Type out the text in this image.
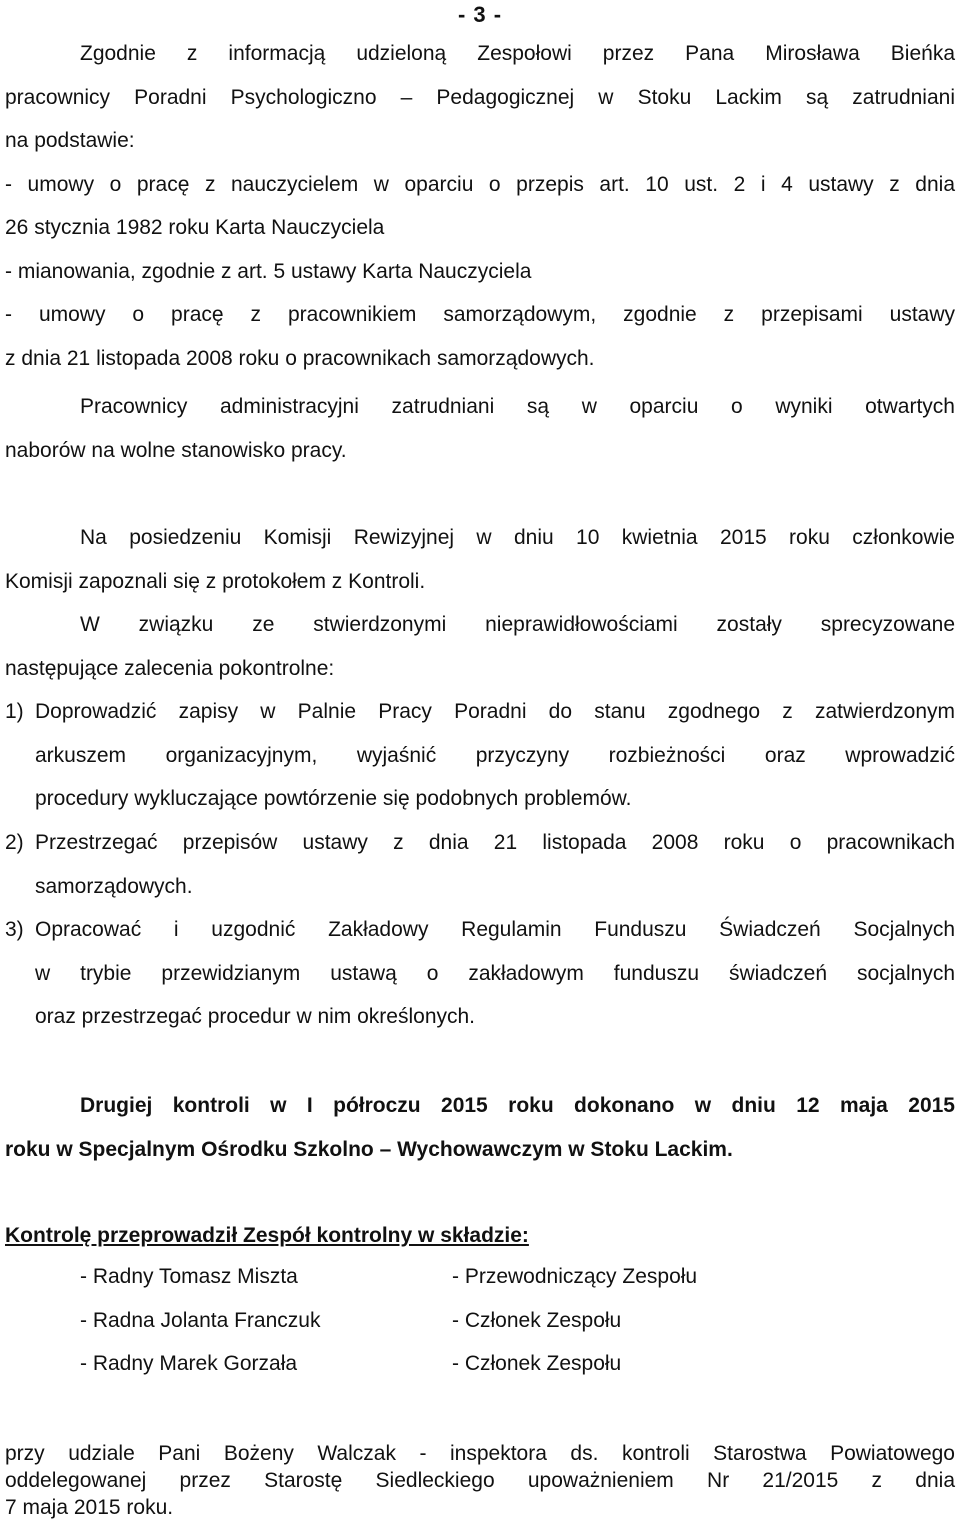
- 3 -
Zgodnie z informacją udzieloną Zespołowi przez Pana Mirosława Bieńka
pracownicy Poradni Psychologiczno – Pedagogicznej w Stoku Lackim są zatrudniani
na podstawie:
- umowy o pracę z nauczycielem w oparciu o przepis art. 10 ust. 2 i 4 ustawy z dnia
26 stycznia 1982 roku Karta Nauczyciela
- mianowania, zgodnie z art. 5 ustawy Karta Nauczyciela
- umowy o pracę z pracownikiem samorządowym, zgodnie z przepisami ustawy
z dnia 21 listopada 2008 roku o pracownikach samorządowych.
Pracownicy administracyjni zatrudniani są w oparciu o wyniki otwartych
naborów na wolne stanowisko pracy.
Na posiedzeniu Komisji Rewizyjnej w dniu 10 kwietnia 2015 roku członkowie
Komisji zapoznali się z protokołem z Kontroli.
W związku ze stwierdzonymi nieprawidłowościami zostały sprecyzowane
następujące zalecenia pokontrolne:
1) Doprowadzić zapisy w Palnie Pracy Poradni do stanu zgodnego z zatwierdzonym
arkuszem organizacyjnym, wyjaśnić przyczyny rozbieżności oraz wprowadzić
procedury wykluczające powtórzenie się podobnych problemów.
2) Przestrzegać przepisów ustawy z dnia 21 listopada 2008 roku o pracownikach
samorządowych.
3) Opracować i uzgodnić Zakładowy Regulamin Funduszu Świadczeń Socjalnych
w trybie przewidzianym ustawą o zakładowym funduszu świadczeń socjalnych
oraz przestrzegać procedur w nim określonych.
Drugiej kontroli w I półroczu 2015 roku dokonano w dniu 12 maja 2015
roku w Specjalnym Ośrodku Szkolno – Wychowawczym w Stoku Lackim.
Kontrolę przeprowadził Zespół kontrolny w składzie:
- Radny Tomasz Miszta	- Przewodniczący Zespołu
- Radna Jolanta Franczuk	- Członek Zespołu
- Radny Marek Gorzała	- Członek Zespołu
przy udziale Pani Bożeny Walczak - inspektora ds. kontroli Starostwa Powiatowego
oddelegowanej przez Starostę Siedleckiego upoważnieniem Nr 21/2015 z dnia
7 maja 2015 roku.
